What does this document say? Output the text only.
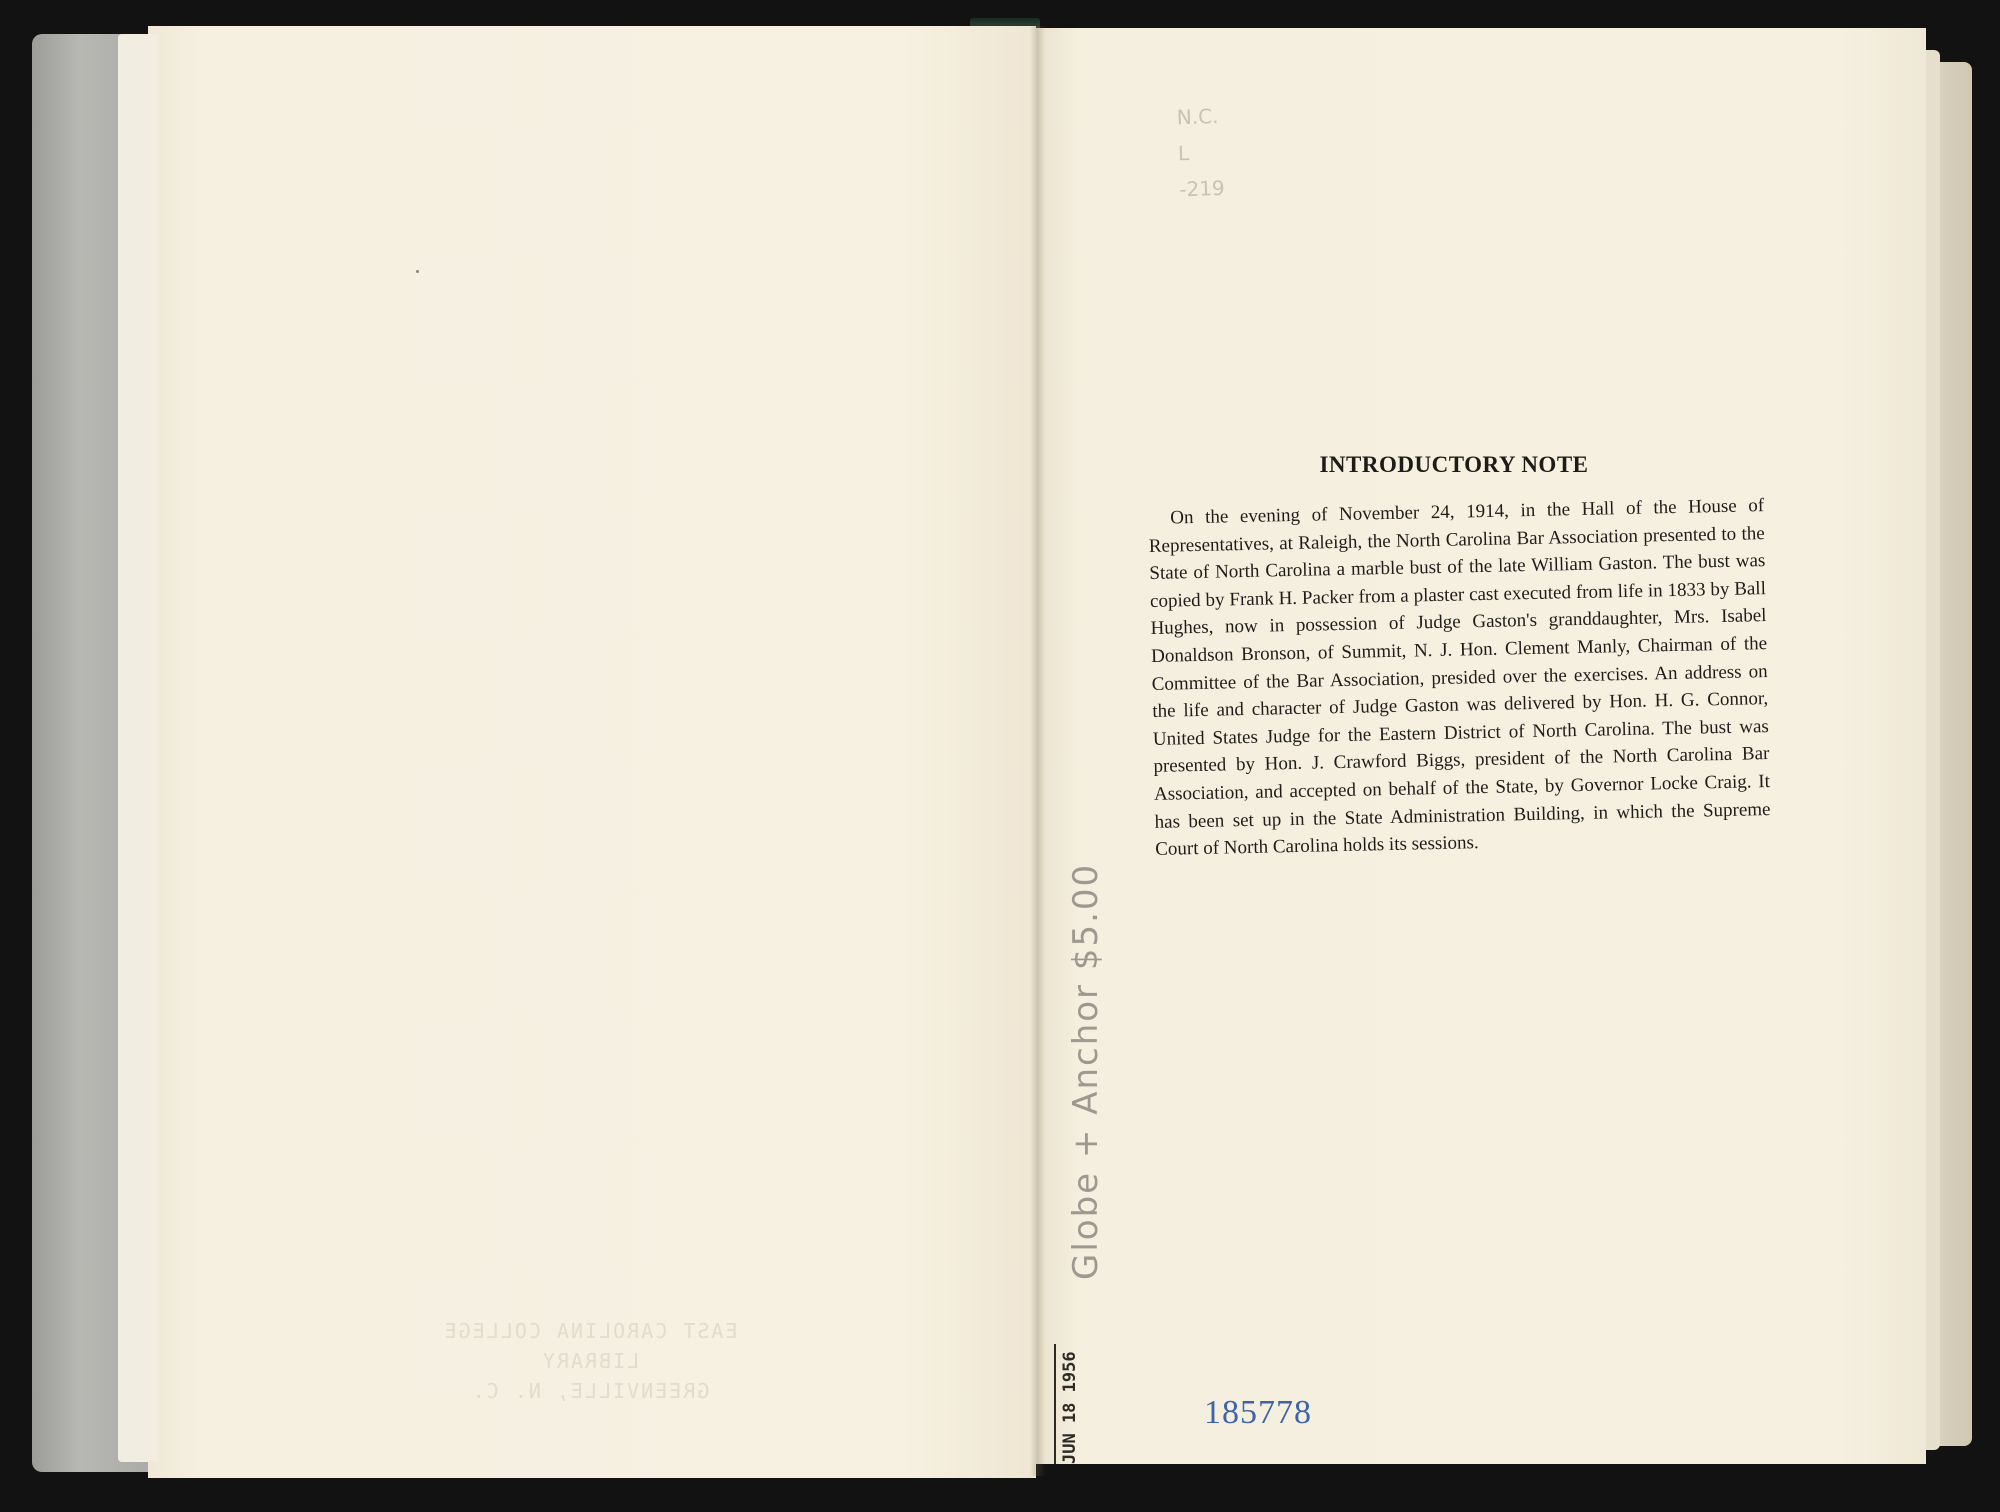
EAST CAROLINA COLLEGE
LIBRARY
GREENVILLE, N. C.
N.C.
L
-219
INTRODUCTORY NOTE

On the evening of November 24, 1914, in the Hall of the House of Representatives, at Raleigh, the North Carolina Bar Association presented to the State of North Carolina a marble bust of the late William Gaston. The bust was copied by Frank H. Packer from a plaster cast executed from life in 1833 by Ball Hughes, now in possession of Judge Gaston's granddaughter, Mrs. Isabel Donaldson Bronson, of Summit, N. J. Hon. Clement Manly, Chairman of the Committee of the Bar Association, presided over the exercises. An address on the life and character of Judge Gaston was delivered by Hon. H. G. Connor, United States Judge for the Eastern District of North Carolina. The bust was presented by Hon. J. Crawford Biggs, president of the North Carolina Bar Association, and accepted on behalf of the State, by Governor Locke Craig. It has been set up in the State Administration Building, in which the Supreme Court of North Carolina holds its sessions.

Globe + Anchor $5.00
JUN 18 1956	185778
